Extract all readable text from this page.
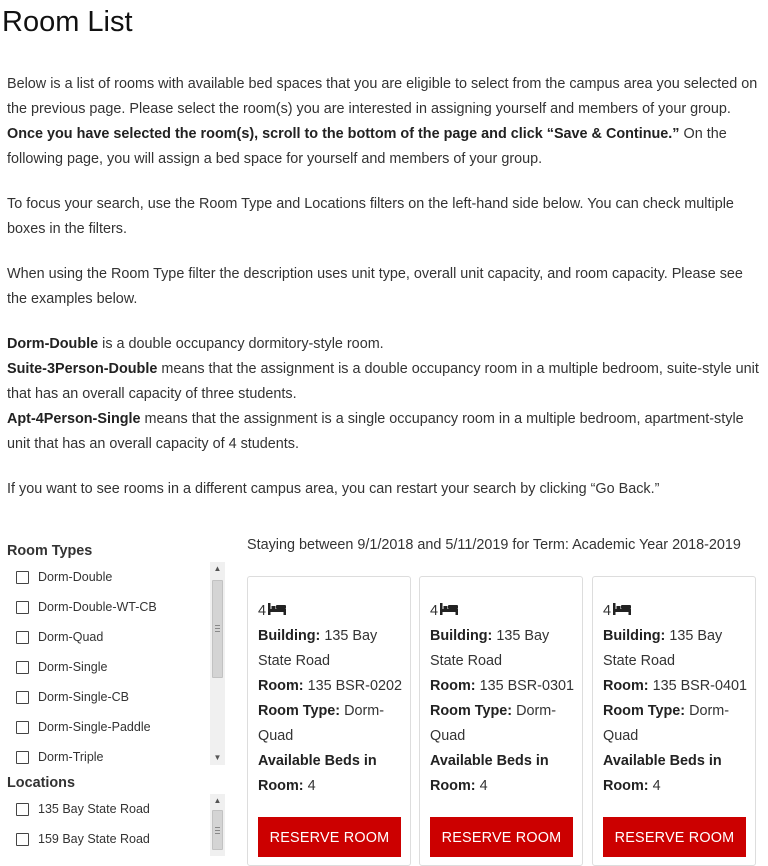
Room List

Below is a list of rooms with available bed spaces that you are eligible to select from the campus area you selected on the previous page. Please select the room(s) you are interested in assigning yourself and members of your group. Once you have selected the room(s), scroll to the bottom of the page and click “Save & Continue.” On the following page, you will assign a bed space for yourself and members of your group.

To focus your search, use the Room Type and Locations filters on the left-hand side below. You can check multiple boxes in the filters.

When using the Room Type filter the description uses unit type, overall unit capacity, and room capacity. Please see the examples below.

Dorm-Double is a double occupancy dormitory-style room.
Suite-3Person-Double means that the assignment is a double occupancy room in a multiple bedroom, suite-style unit that has an overall capacity of three students.
Apt-4Person-Single means that the assignment is a single occupancy room in a multiple bedroom, apartment-style unit that has an overall capacity of 4 students.

If you want to see rooms in a different campus area, you can restart your search by clicking “Go Back.”

Room Types
Dorm-Double
Dorm-Double-WT-CB
Dorm-Quad
Dorm-Single
Dorm-Single-CB
Dorm-Single-Paddle
Dorm-Triple
▲
▼
Locations
135 Bay State Road
159 Bay State Road
▲
Staying between 9/1/2018 and 5/11/2019 for Term: Academic Year 2018-2019
4
Building: 135 Bay State Road
Room: 135 BSR-0202
Room Type: Dorm-Quad
Available Beds in Room: 4
RESERVE ROOM
4
Building: 135 Bay State Road
Room: 135 BSR-0301
Room Type: Dorm-Quad
Available Beds in Room: 4
RESERVE ROOM
4
Building: 135 Bay State Road
Room: 135 BSR-0401
Room Type: Dorm-Quad
Available Beds in Room: 4
RESERVE ROOM
